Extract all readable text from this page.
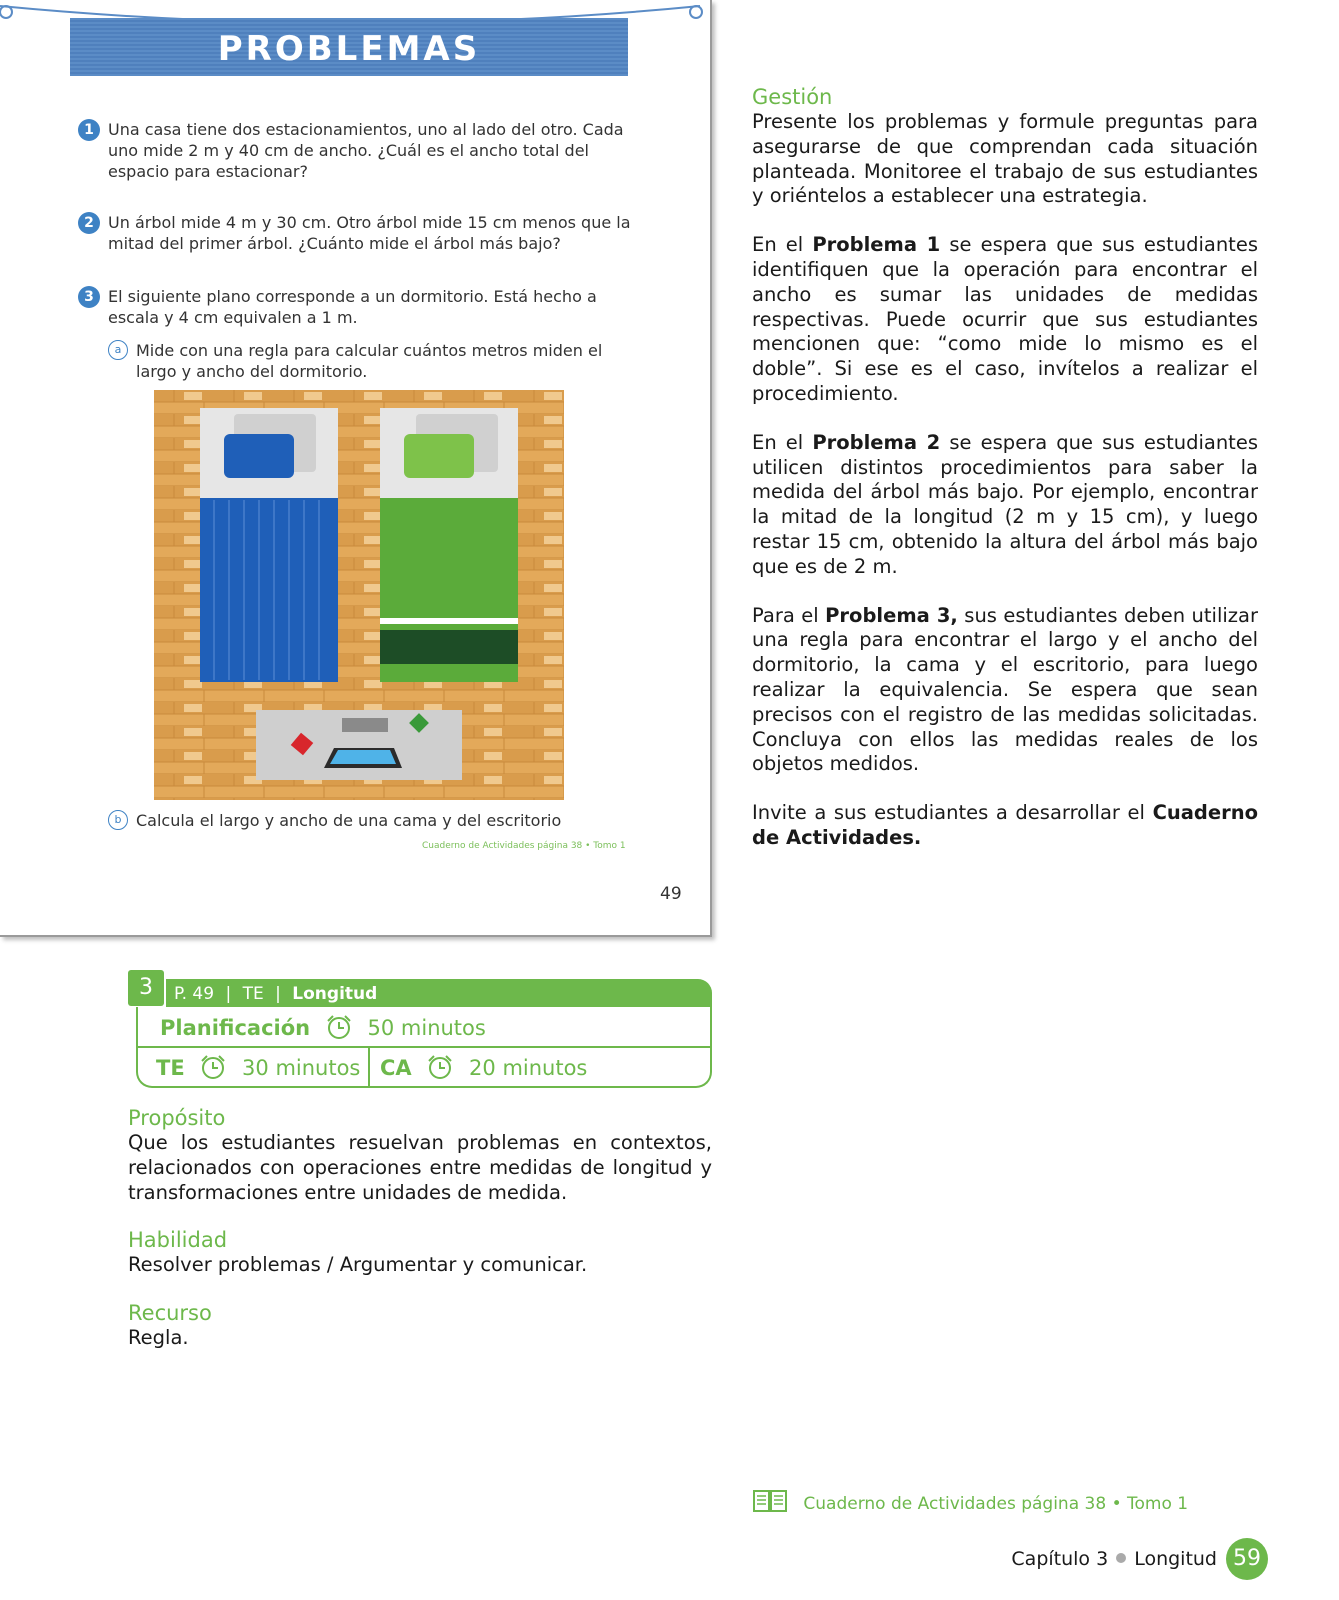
PROBLEMAS
1 Una casa tiene dos estacionamientos, uno al lado del otro. Cada uno mide 2 m y 40 cm de ancho. ¿Cuál es el ancho total del espacio para estacionar?
2 Un árbol mide 4 m y 30 cm. Otro árbol mide 15 cm menos que la mitad del primer árbol. ¿Cuánto mide el árbol más bajo?
3 El siguiente plano corresponde a un dormitorio. Está hecho a escala y 4 cm equivalen a 1 m.
a Mide con una regla para calcular cuántos metros miden el largo y ancho del dormitorio.
b Calcula el largo y ancho de una cama y del escritorio
Cuaderno de Actividades página 38 • Tomo 1
49
Gestión

Presente los problemas y formule preguntas para asegurarse de que comprendan cada situación planteada. Monitoree el trabajo de sus estudiantes y oriéntelos a establecer una estrategia.

En el Problema 1 se espera que sus estudiantes identifiquen que la operación para encontrar el ancho es sumar las unidades de medidas respectivas. Puede ocurrir que sus estudiantes mencionen que: “como mide lo mismo es el doble”. Si ese es el caso, invítelos a realizar el procedimiento.

En el Problema 2 se espera que sus estudiantes utilicen distintos procedimientos para saber la medida del árbol más bajo. Por ejemplo, encontrar la mitad de la longitud (2 m y 15 cm), y luego restar 15 cm, obtenido la altura del árbol más bajo que es de 2 m.

Para el Problema 3, sus estudiantes deben utilizar una regla para encontrar el largo y el ancho del dormitorio, la cama y el escritorio, para luego realizar la equivalencia. Se espera que sean precisos con el registro de las medidas solicitadas. Concluya con ellos las medidas reales de los objetos medidos.

Invite a sus estudiantes a desarrollar el Cuaderno de Actividades.

3	P. 49 | TE | Longitud
Planificación	50 minutos
TE	30 minutos CA	20 minutos
Propósito

Que los estudiantes resuelvan problemas en contextos, relacionados con operaciones entre medidas de longitud y transformaciones entre unidades de medida.

Habilidad

Resolver problemas / Argumentar y comunicar.

Recurso

Regla.

Cuaderno de Actividades página 38 • Tomo 1
Capítulo 3 Longitud 59
